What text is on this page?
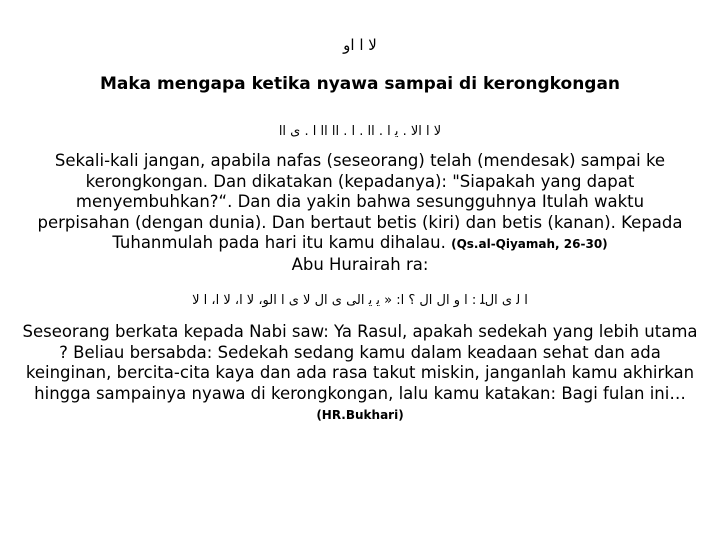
لا ا او
Maka mengapa ketika nyawa sampai di kerongkongan
لا ا الا . ﻳ ا . اا . ا . اا اا ا . ی اا
Sekali-kali jangan, apabila nafas (seseorang) telah (mendesak) sampai ke kerongkongan. Dan dikatakan (kepadanya): "Siapakah yang dapat menyembuhkan?“. Dan dia yakin bahwa sesungguhnya Itulah waktu perpisahan (dengan dunia). Dan bertaut betis (kiri) dan betis (kanan). Kepada Tuhanmulah pada hari itu kamu dihalau. (Qs.al-Qiyamah, 26-30)
Abu Hurairah ra:
ا ﻟ ی الﻠ : ا و ال ال ؟ ا: « ﻳ ﻳ الی ی ال لا ی ا الو، لا ا، لا ا، ا لا
Seseorang berkata kepada Nabi saw: Ya Rasul, apakah sedekah yang lebih utama ? Beliau bersabda: Sedekah sedang kamu dalam keadaan sehat dan ada keinginan, bercita-cita kaya dan ada rasa takut miskin, janganlah kamu akhirkan hingga sampainya nyawa di kerongkongan, lalu kamu katakan: Bagi fulan ini…(HR.Bukhari)
